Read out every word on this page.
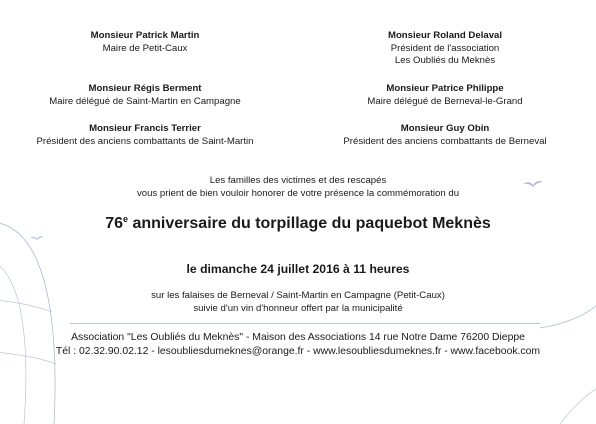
Monsieur Patrick Martin
Maire de Petit-Caux
Monsieur Régis Berment
Maire délégué de Saint-Martin en Campagne
Monsieur Francis Terrier
Président des anciens combattants de Saint-Martin
Monsieur Roland Delaval
Président de l'association
Les Oubliés du Meknès
Monsieur Patrice Philippe
Maire délégué de Berneval-le-Grand
Monsieur Guy Obin
Président des anciens combattants de Berneval
Les familles des victimes et des rescapés
vous prient de bien vouloir honorer de votre présence la commémoration du
76e anniversaire du torpillage du paquebot Meknès
le dimanche 24 juillet 2016 à 11 heures
sur les falaises de Berneval / Saint-Martin en Campagne (Petit-Caux)
suivie d'un vin d'honneur offert par la municipalité
Association "Les Oubliés du Meknès" - Maison des Associations 14 rue Notre Dame 76200 Dieppe
Tél : 02.32.90.02.12 - lesoubliesdumeknes@orange.fr - www.lesoubliesdumeknes.fr - www.facebook.com
